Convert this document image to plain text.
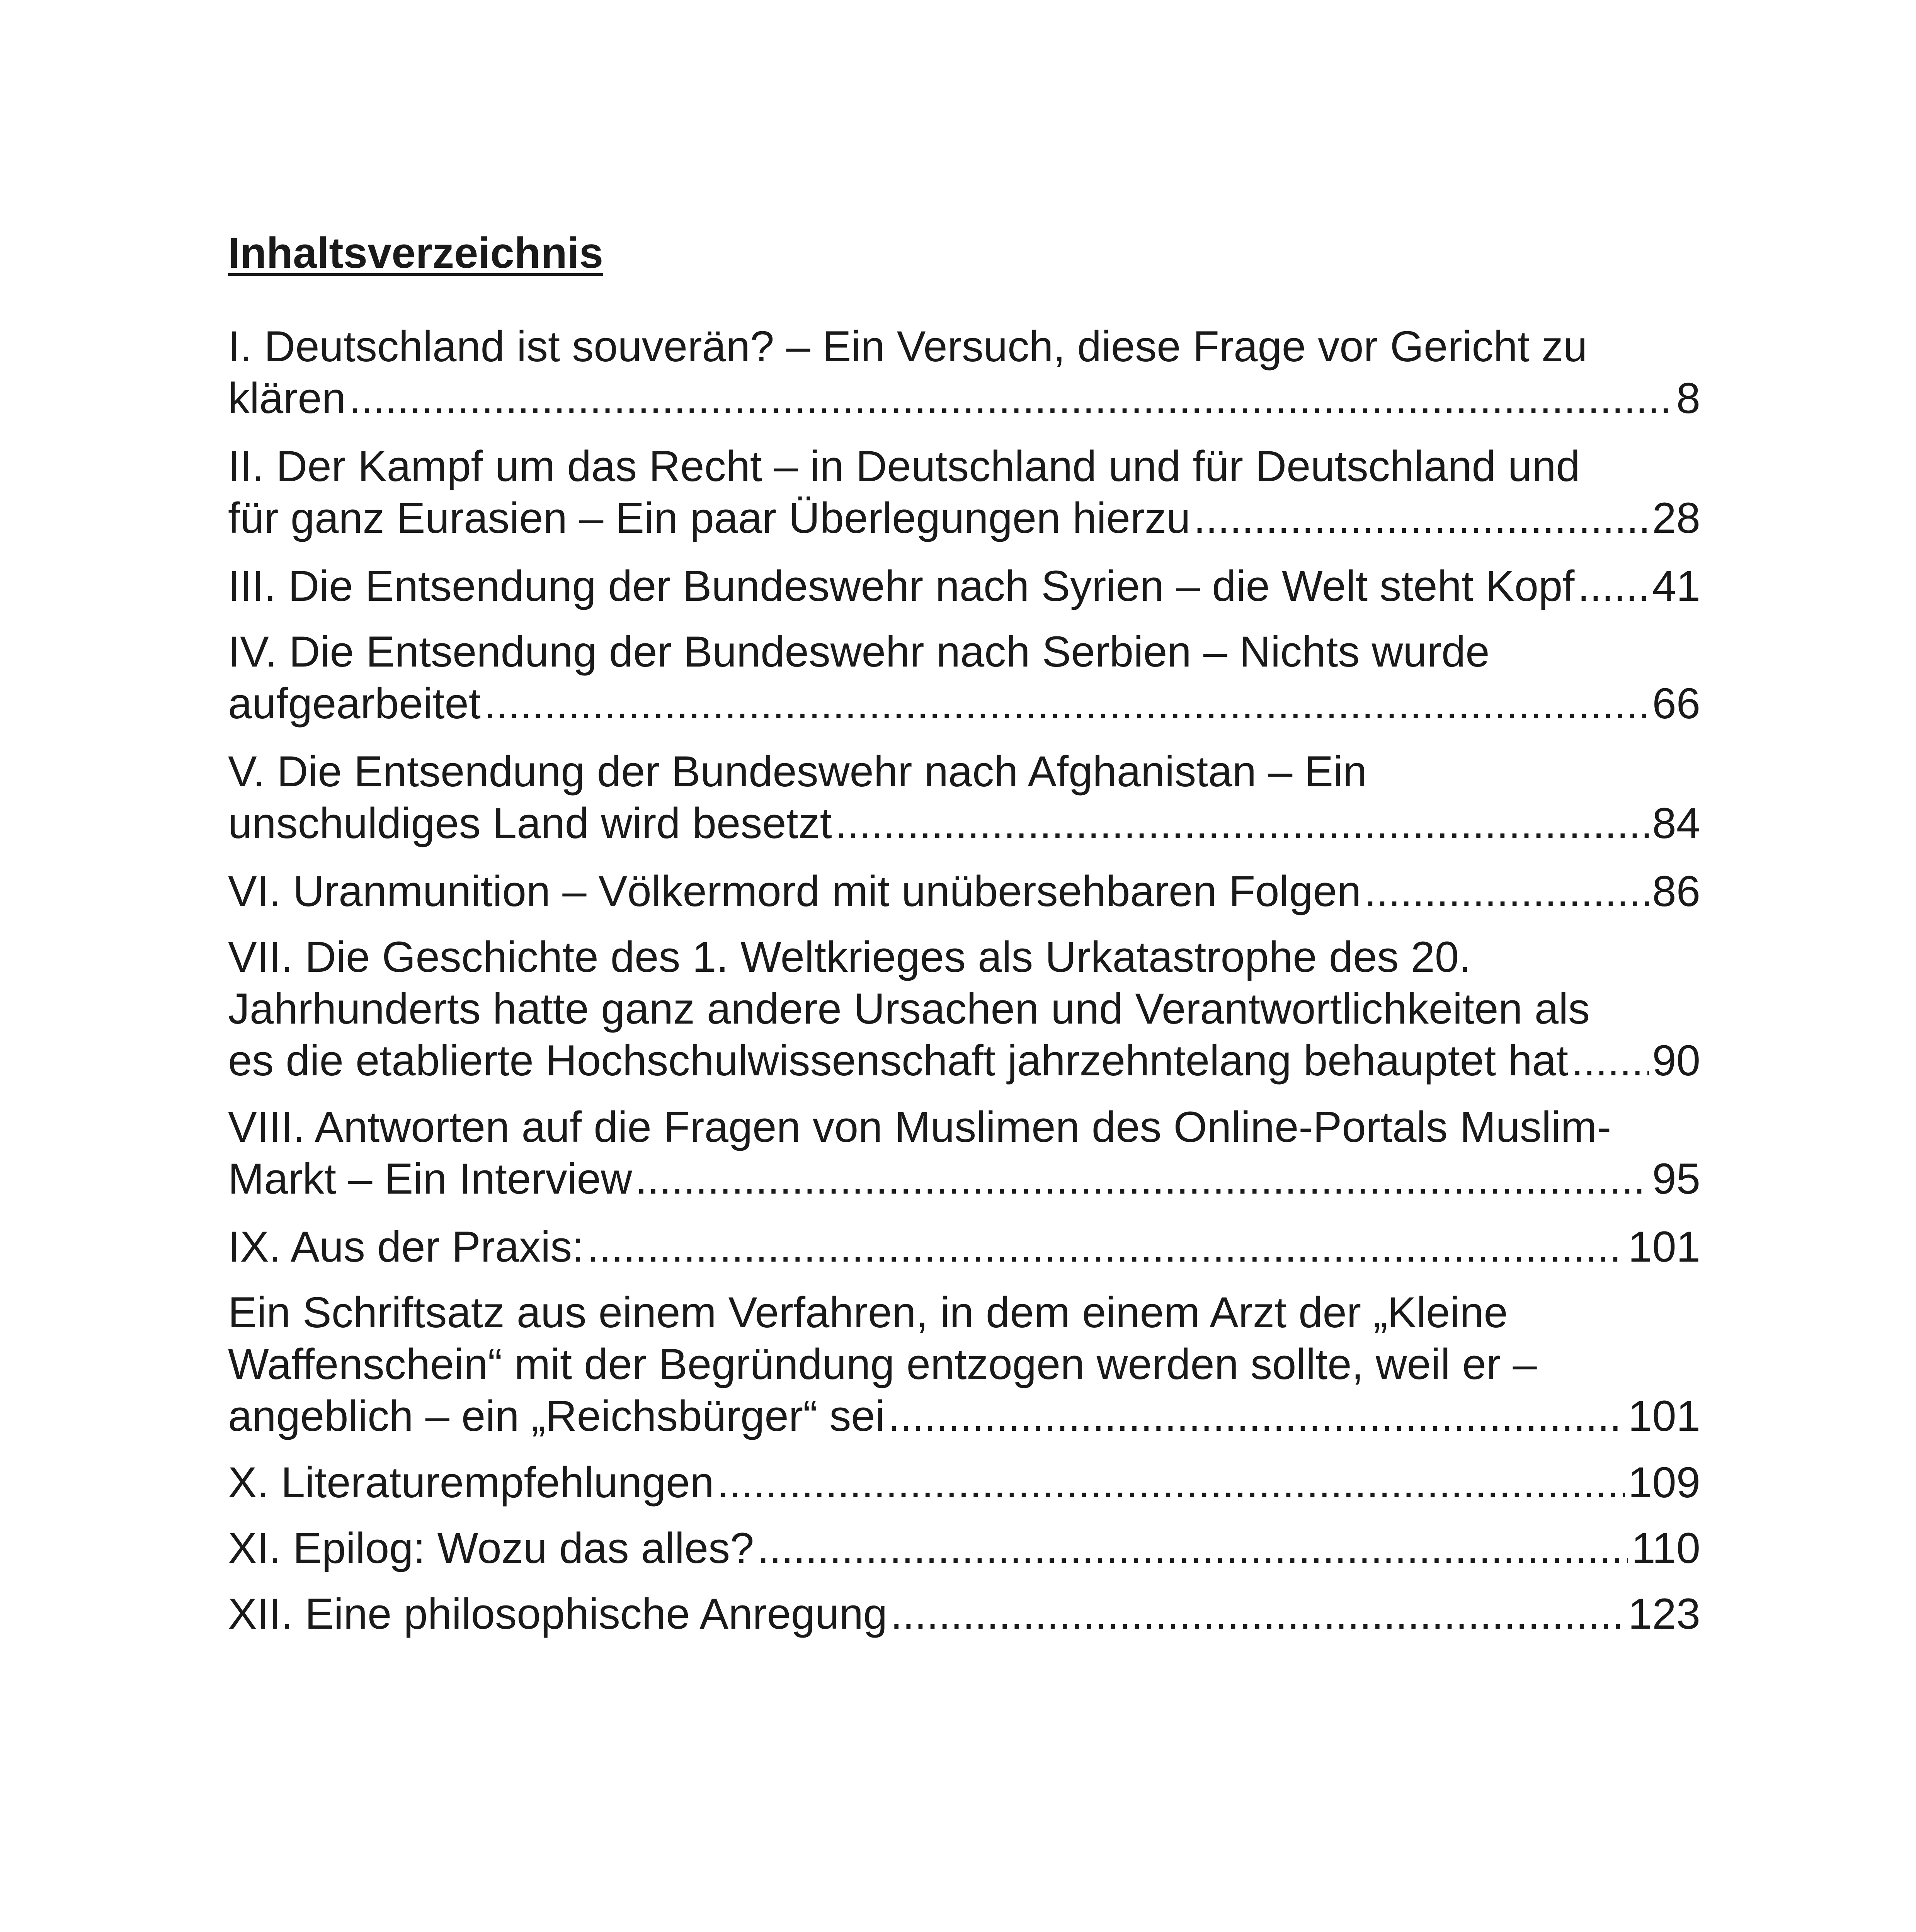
Inhaltsverzeichnis
I. Deutschland ist souverän? – Ein Versuch, diese Frage vor Gericht zu
klären .....	8
II. Der Kampf um das Recht – in Deutschland und für Deutschland und
für ganz Eurasien – Ein paar Überlegungen hierzu .....	28
III. Die Entsendung der Bundeswehr nach Syrien – die Welt steht Kopf ..... 41
IV. Die Entsendung der Bundeswehr nach Serbien – Nichts wurde
aufgearbeitet .....	66
V. Die Entsendung der Bundeswehr nach Afghanistan – Ein
unschuldiges Land wird besetzt .....	84
VI. Uranmunition – Völkermord mit unübersehbaren Folgen .....	86
VII. Die Geschichte des 1. Weltkrieges als Urkatastrophe des 20.
Jahrhunderts hatte ganz andere Ursachen und Verantwortlichkeiten als
es die etablierte Hochschulwissenschaft jahrzehntelang behauptet hat ..... 90
VIII. Antworten auf die Fragen von Muslimen des Online-Portals Muslim-
Markt – Ein Interview .....	95
IX. Aus der Praxis: .....	101
Ein Schriftsatz aus einem Verfahren, in dem einem Arzt der „Kleine
Waffenschein“ mit der Begründung entzogen werden sollte, weil er –
angeblich – ein „Reichsbürger“ sei .....	101
X. Literaturempfehlungen .....	109
XI. Epilog: Wozu das alles? .....	110
XII. Eine philosophische Anregung .....	123
